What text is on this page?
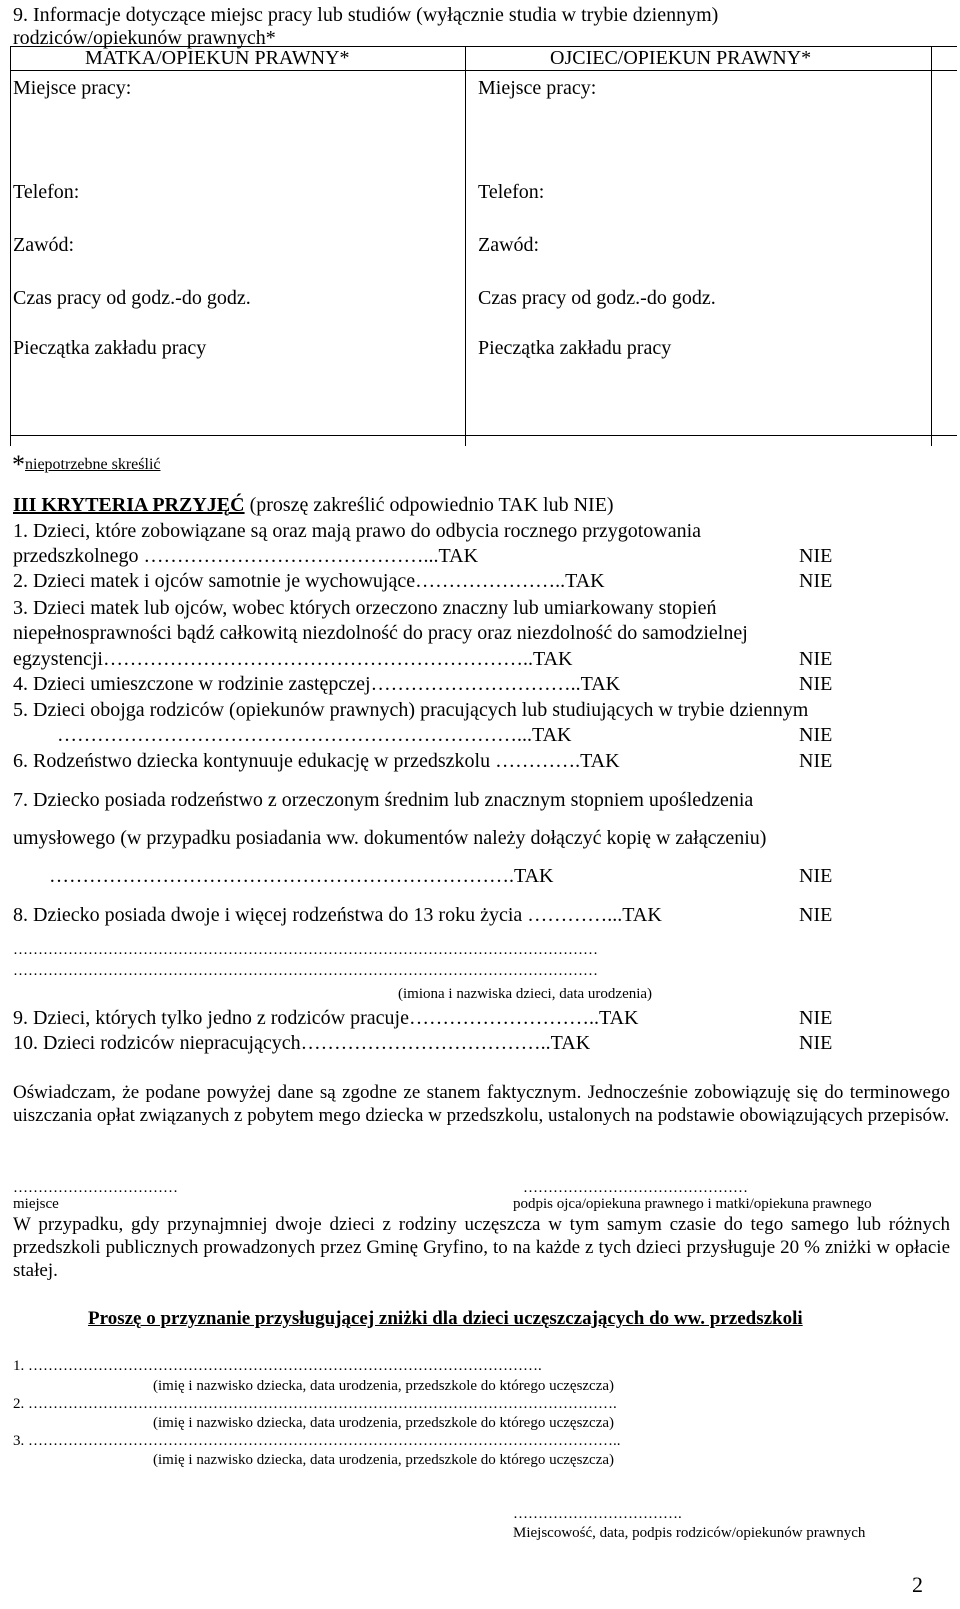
9. Informacje dotyczące miejsc pracy lub studiów (wyłącznie studia w trybie dziennym)
rodziców/opiekunów prawnych*
MATKA/OPIEKUN PRAWNY*
Miejsce pracy:
Telefon:
Zawód:
Czas pracy od godz.-do godz.
Pieczątka zakładu pracy
OJCIEC/OPIEKUN PRAWNY*
Miejsce pracy:
Telefon:
Zawód:
Czas pracy od godz.-do godz.
Pieczątka zakładu pracy
*niepotrzebne skreślić
III KRYTERIA PRZYJĘĆ (proszę zakreślić odpowiednio TAK lub NIE)
1. Dzieci, które zobowiązane są oraz mają prawo do odbycia rocznego przygotowania
przedszkolnego ……………………………………...TAK	NIE
2. Dzieci matek i ojców samotnie je wychowujące…………………..TAK	NIE
3. Dzieci matek lub ojców, wobec których orzeczono znaczny lub umiarkowany stopień
niepełnosprawności bądź całkowitą niezdolność do pracy oraz niezdolność do samodzielnej
egzystencji………………………………………………………..TAK	NIE
4. Dzieci umieszczone w rodzinie zastępczej…………………………..TAK	NIE
5. Dzieci obojga rodziców (opiekunów prawnych) pracujących lub studiujących w trybie dziennym
……………………………………………………………...TAK	NIE
6. Rodzeństwo dziecka kontynuuje edukację w przedszkolu ………….TAK	NIE
7. Dziecko posiada rodzeństwo z orzeczonym średnim lub znacznym stopniem upośledzenia
umysłowego (w przypadku posiadania ww. dokumentów należy dołączyć kopię w załączeniu)
…………………………………………………………….TAK	NIE
8. Dziecko posiada dwoje i więcej rodzeństwa do 13 roku życia …………...TAK	NIE
………………………………………………………………………………………………………
………………………………………………………………………………………………………
(imiona i nazwiska dzieci, data urodzenia)
9. Dzieci, których tylko jedno z rodziców pracuje………………………..TAK	NIE
10. Dzieci rodziców niepracujących………………………………..TAK	NIE
Oświadczam, że podane powyżej dane są zgodne ze stanem faktycznym. Jednocześnie zobowiązuję się do terminowego uiszczania opłat związanych z pobytem mego dziecka w przedszkolu, ustalonych na podstawie obowiązujących przepisów.
……………………………
miejsce
………………………………………
podpis ojca/opiekuna prawnego i matki/opiekuna prawnego
W przypadku, gdy przynajmniej dwoje dzieci z rodziny uczęszcza w tym samym czasie do tego samego lub różnych przedszkoli publicznych prowadzonych przez Gminę Gryfino, to na każde z tych dzieci przysługuje 20 % zniżki w opłacie stałej.
Proszę o przyznanie przysługującej zniżki dla dzieci uczęszczających do ww. przedszkoli
1. ………………………………………………………………………………………….
(imię i nazwisko dziecka, data urodzenia, przedszkole do którego uczęszcza)
2. ……………………………………………………………………………………………………….
(imię i nazwisko dziecka, data urodzenia, przedszkole do którego uczęszcza)
3. ………………………………………………………………………………………………………..
(imię i nazwisko dziecka, data urodzenia, przedszkole do którego uczęszcza)
…………………………….
Miejscowość, data, podpis rodziców/opiekunów prawnych
2
